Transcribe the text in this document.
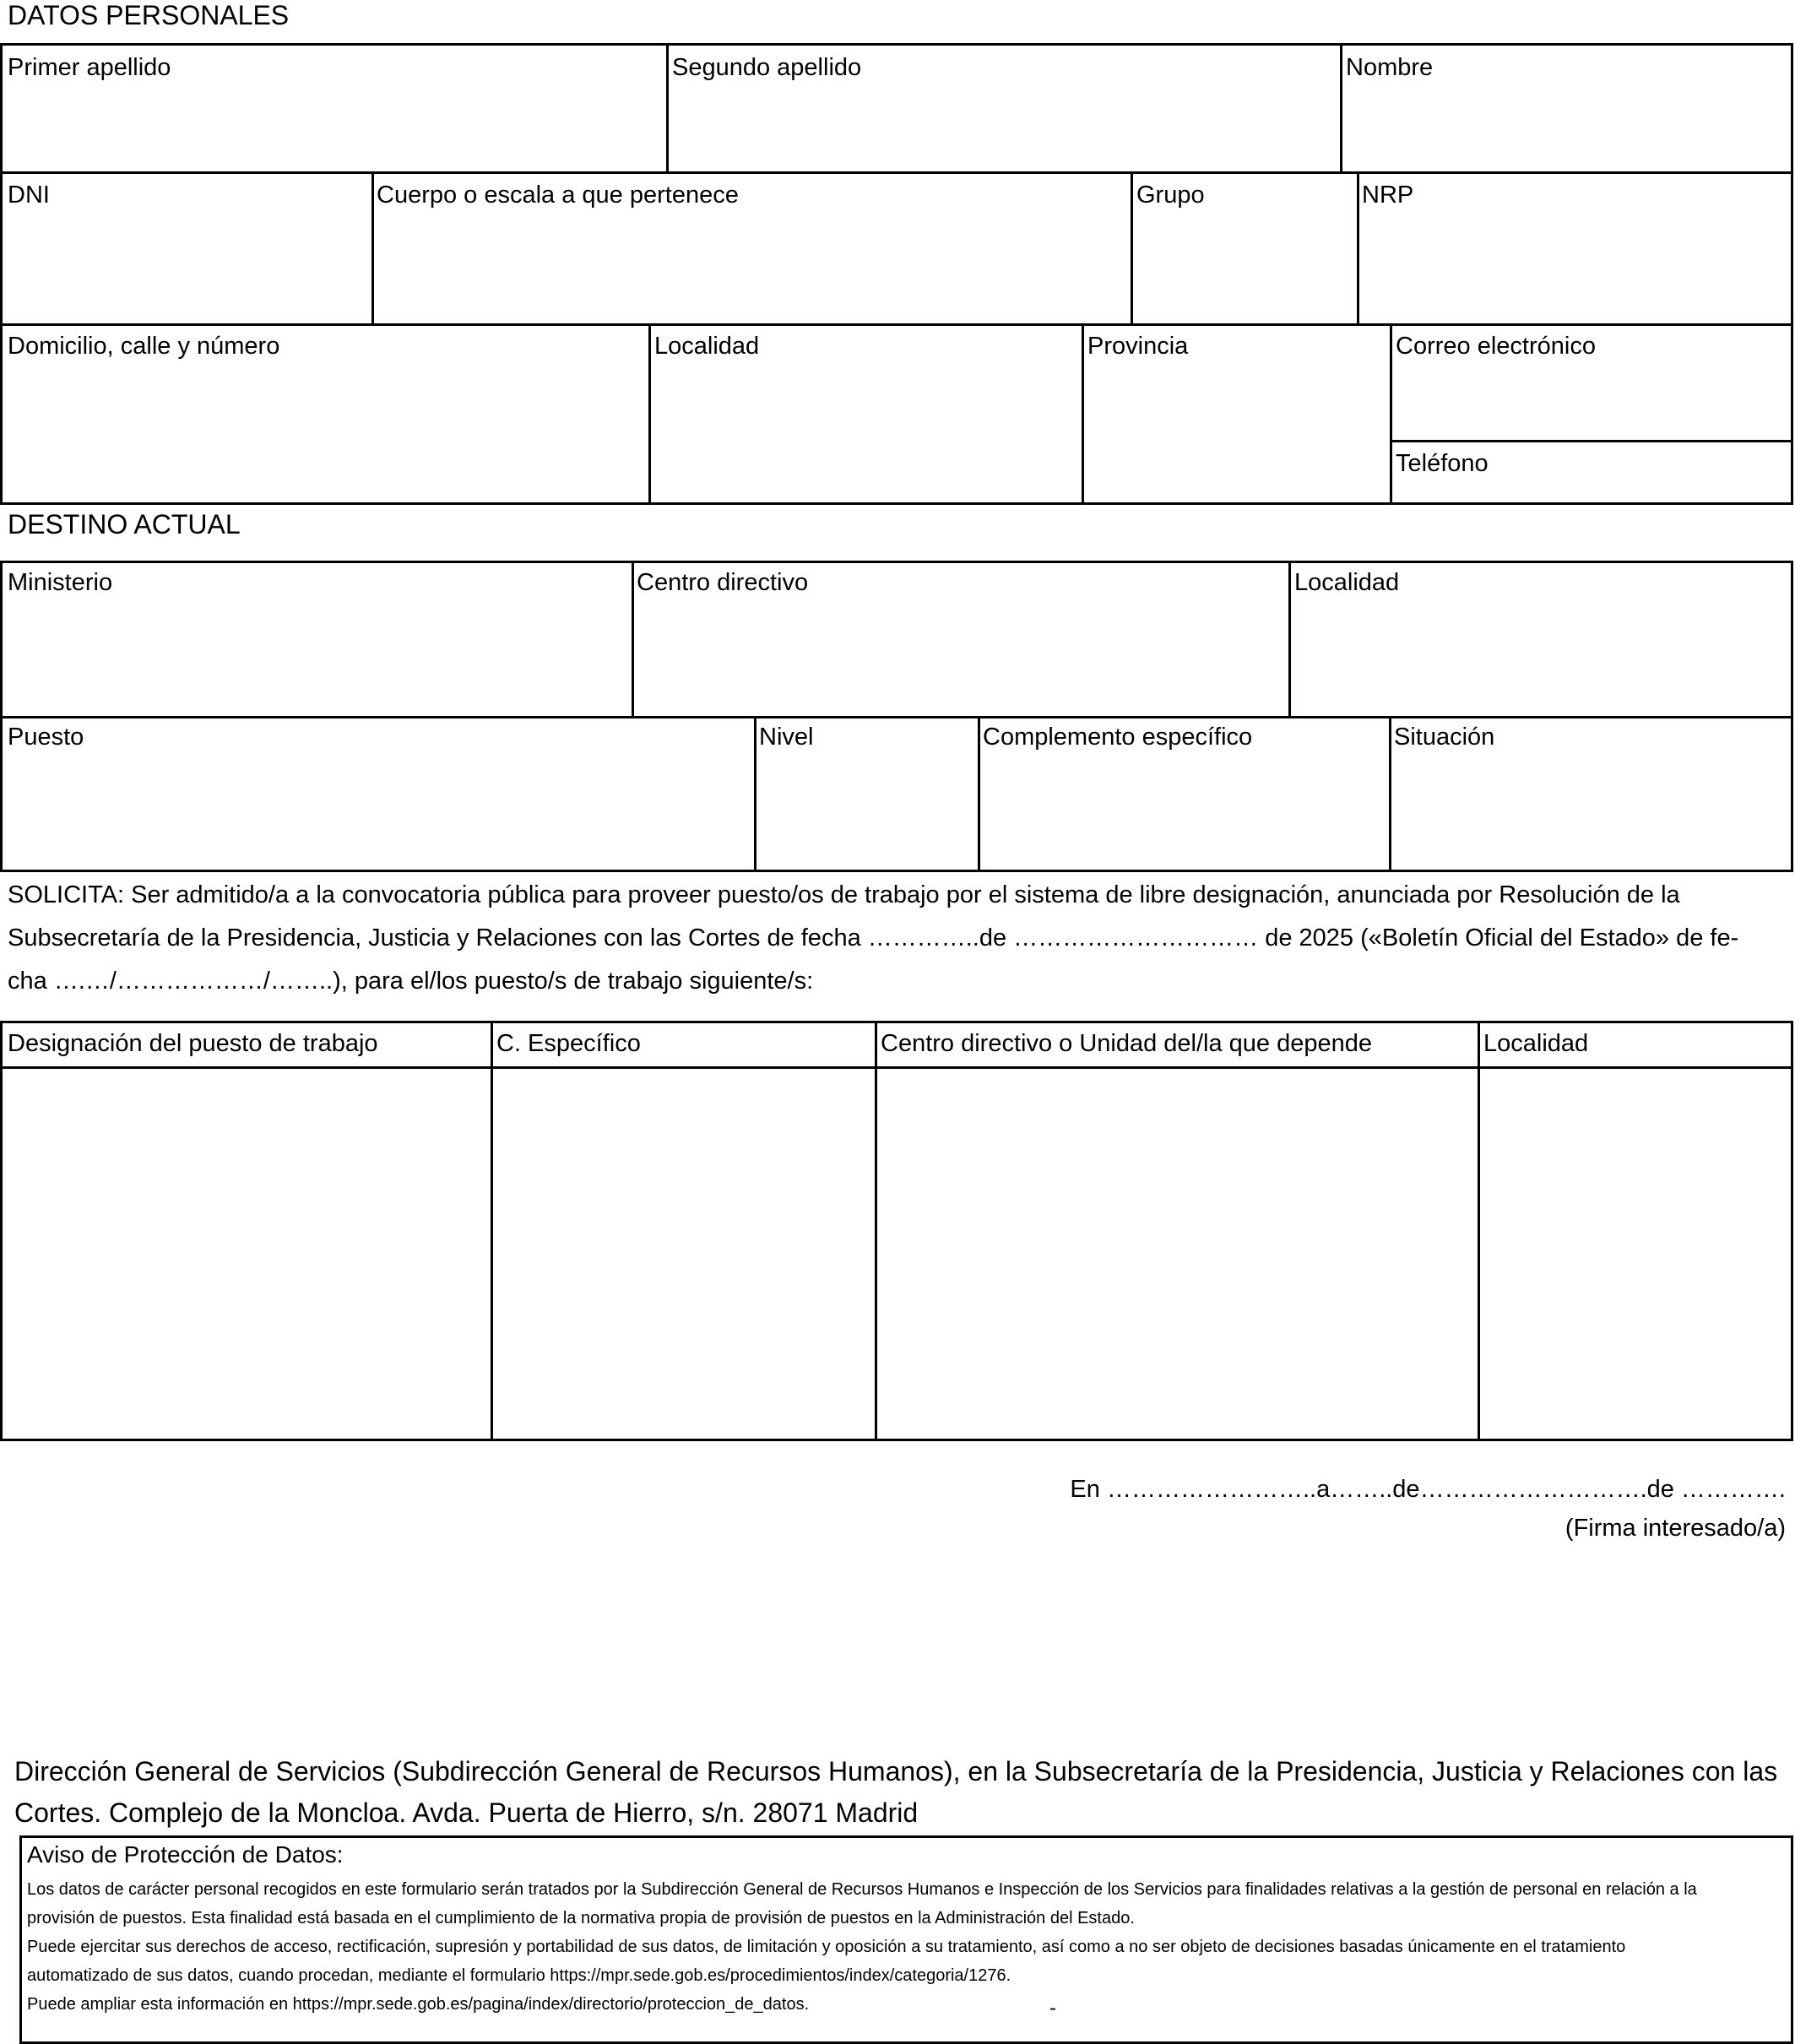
DATOS PERSONALES
Primer apellido	Segundo apellido	Nombre
DNI	Cuerpo o escala a que pertenece	Grupo	NRP
Domicilio, calle y número	Localidad	Provincia	Correo electrónico
Teléfono
DESTINO ACTUAL
Ministerio	Centro directivo	Localidad
Puesto	Nivel	Complemento específico	Situación
SOLICITA: Ser admitido/a a la convocatoria pública para proveer puesto/os de trabajo por el sistema de libre designación, anunciada por Resolución de la
Subsecretaría de la Presidencia, Justicia y Relaciones con las Cortes de fecha …………..de ………………………… de 2025 («Boletín Oficial del Estado» de fe-
cha ….…/………………/……..), para el/los puesto/s de trabajo siguiente/s:
Designación del puesto de trabajo	C. Específico	Centro directivo o Unidad del/la que depende	Localidad
En ……………………..a……..de……………………….de ………….
(Firma interesado/a)
Dirección General de Servicios (Subdirección General de Recursos Humanos), en la Subsecretaría de la Presidencia, Justicia y Relaciones con las
Cortes. Complejo de la Moncloa. Avda. Puerta de Hierro, s/n. 28071 Madrid
Aviso de Protección de Datos:
Los datos de carácter personal recogidos en este formulario serán tratados por la Subdirección General de Recursos Humanos e Inspección de los Servicios para finalidades relativas a la gestión de personal en relación a la
provisión de puestos. Esta finalidad está basada en el cumplimiento de la normativa propia de provisión de puestos en la Administración del Estado.
Puede ejercitar sus derechos de acceso, rectificación, supresión y portabilidad de sus datos, de limitación y oposición a su tratamiento, así como a no ser objeto de decisiones basadas únicamente en el tratamiento
automatizado de sus datos, cuando procedan, mediante el formulario https://mpr.sede.gob.es/procedimientos/index/categoria/1276.
Puede ampliar esta información en https://mpr.sede.gob.es/pagina/index/directorio/proteccion_de_datos.	-
